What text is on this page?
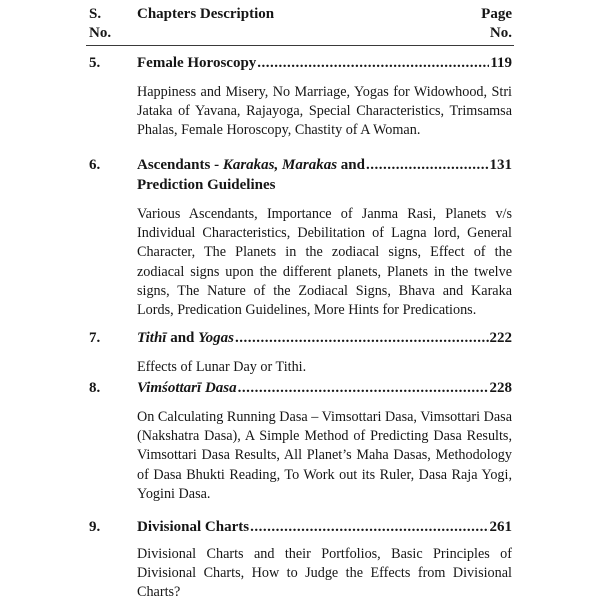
S.
No.
Chapters Description	Page
No.
5. Female Horoscopy .....	119
Happiness and Misery, No Marriage, Yogas for Widowhood, Stri Jataka of Yavana, Rajayoga, Special Characteristics, Trimsamsa Phalas, Female Horoscopy, Chastity of A Woman.
6. Ascendants - Karakas, Marakas and .....	131
Prediction Guidelines
Various Ascendants, Importance of Janma Rasi, Planets v/s Individual Characteristics, Debilitation of Lagna lord, General Character, The Planets in the zodiacal signs, Effect of the zodiacal signs upon the different planets, Planets in the twelve signs, The Nature of the Zodiacal Signs, Bhava and Karaka Lords, Predication Guidelines, More Hints for Predications.
7. Tithī and Yogas .....	222
Effects of Lunar Day or Tithi.
8. Vimśottarī Dasa .....	228
On Calculating Running Dasa – Vimsottari Dasa, Vimsottari Dasa (Nakshatra Dasa), A Simple Method of Predicting Dasa Results, Vimsottari Dasa Results, All Planet’s Maha Dasas, Methodology of Dasa Bhukti Reading, To Work out its Ruler, Dasa Raja Yogi, Yogini Dasa.
9. Divisional Charts .....	261
Divisional Charts and their Portfolios, Basic Principles of Divisional Charts, How to Judge the Effects from Divisional Charts?
